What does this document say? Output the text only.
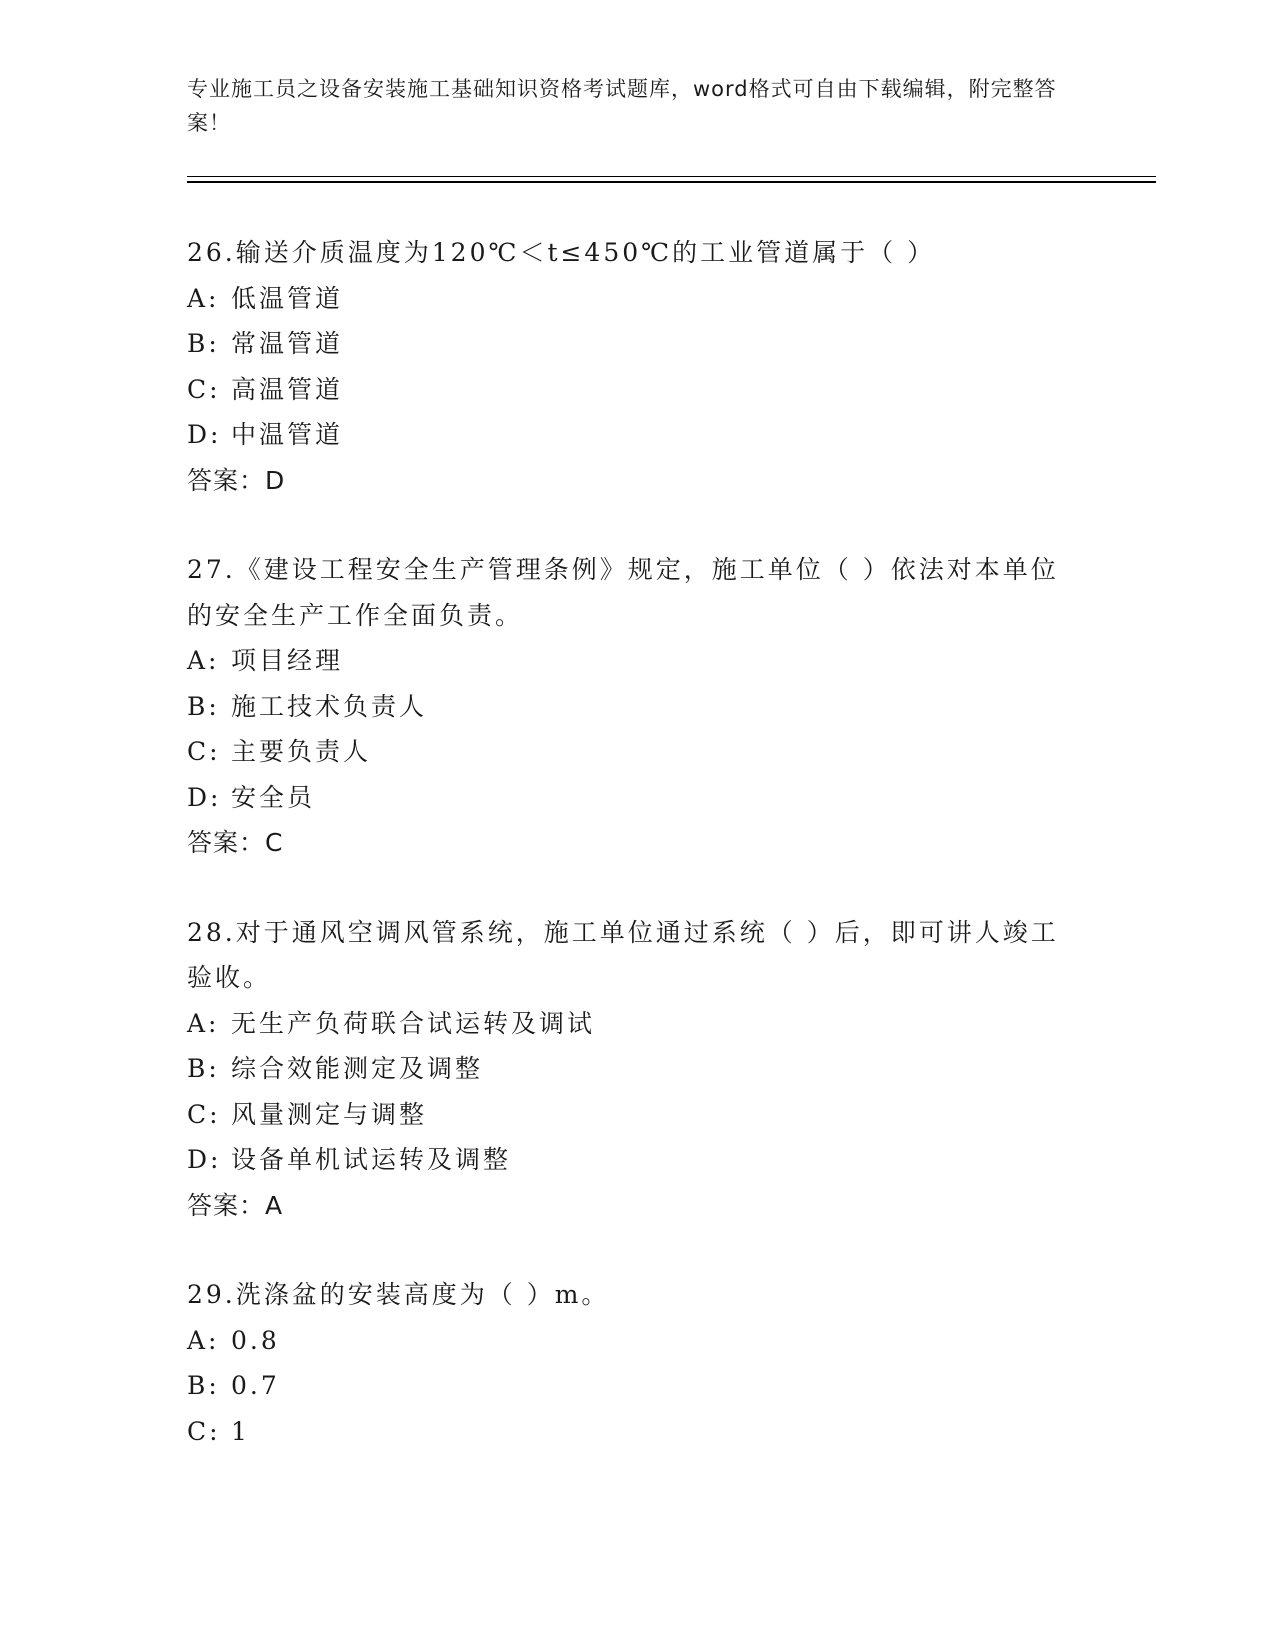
专业施工员之设备安装施工基础知识资格考试题库，word格式可自由下载编辑，附完整答案！
26.输送介质温度为120℃＜t≤450℃的工业管道属于（ ）
A: 低温管道
B: 常温管道
C: 高温管道
D: 中温管道
答案：D
27.《建设工程安全生产管理条例》规定，施工单位（ ）依法对本单位的安全生产工作全面负责。
A: 项目经理
B: 施工技术负责人
C: 主要负责人
D: 安全员
答案：C
28.对于通风空调风管系统，施工单位通过系统（ ）后，即可讲人竣工验收。
A: 无生产负荷联合试运转及调试
B: 综合效能测定及调整
C: 风量测定与调整
D: 设备单机试运转及调整
答案：A
29.洗涤盆的安装高度为（ ）m。
A: 0.8
B: 0.7
C: 1
